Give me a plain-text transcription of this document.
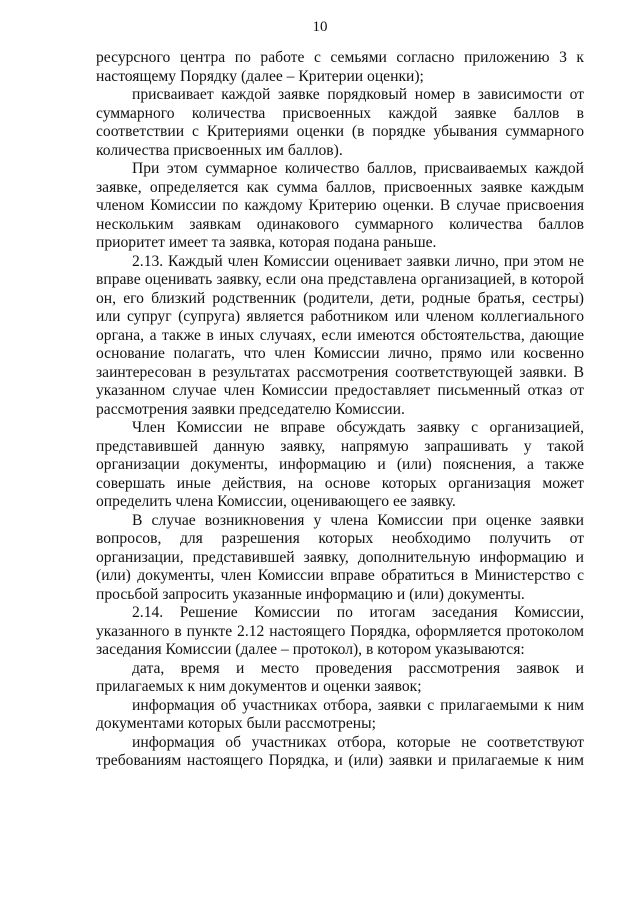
10

ресурсного центра по работе с семьями согласно приложению 3 к настоящему Порядку (далее – Критерии оценки);

присваивает каждой заявке порядковый номер в зависимости от суммарного количества присвоенных каждой заявке баллов в соответствии с Критериями оценки (в порядке убывания суммарного количества присвоенных им баллов).

При этом суммарное количество баллов, присваиваемых каждой заявке, определяется как сумма баллов, присвоенных заявке каждым членом Комиссии по каждому Критерию оценки. В случае присвоения нескольким заявкам одинакового суммарного количества баллов приоритет имеет та заявка, которая подана раньше.

2.13. Каждый член Комиссии оценивает заявки лично, при этом не вправе оценивать заявку, если она представлена организацией, в которой он, его близкий родственник (родители, дети, родные братья, сестры) или супруг (супруга) является работником или членом коллегиального органа, а также в иных случаях, если имеются обстоятельства, дающие основание полагать, что член Комиссии лично, прямо или косвенно заинтересован в результатах рассмотрения соответствующей заявки. В указанном случае член Комиссии предоставляет письменный отказ от рассмотрения заявки председателю Комиссии.

Член Комиссии не вправе обсуждать заявку с организацией, представившей данную заявку, напрямую запрашивать у такой организации документы, информацию и (или) пояснения, а также совершать иные действия, на основе которых организация может определить члена Комиссии, оценивающего ее заявку.

В случае возникновения у члена Комиссии при оценке заявки вопросов, для разрешения которых необходимо получить от организации, представившей заявку, дополнительную информацию и (или) документы, член Комиссии вправе обратиться в Министерство с просьбой запросить указанные информацию и (или) документы.

2.14. Решение Комиссии по итогам заседания Комиссии, указанного в пункте 2.12 настоящего Порядка, оформляется протоколом заседания Комиссии (далее – протокол), в котором указываются:

дата, время и место проведения рассмотрения заявок и прилагаемых к ним документов и оценки заявок;

информация об участниках отбора, заявки с прилагаемыми к ним документами которых были рассмотрены;

информация об участниках отбора, которые не соответствуют требованиям настоящего Порядка, и (или) заявки и прилагаемые к ним
